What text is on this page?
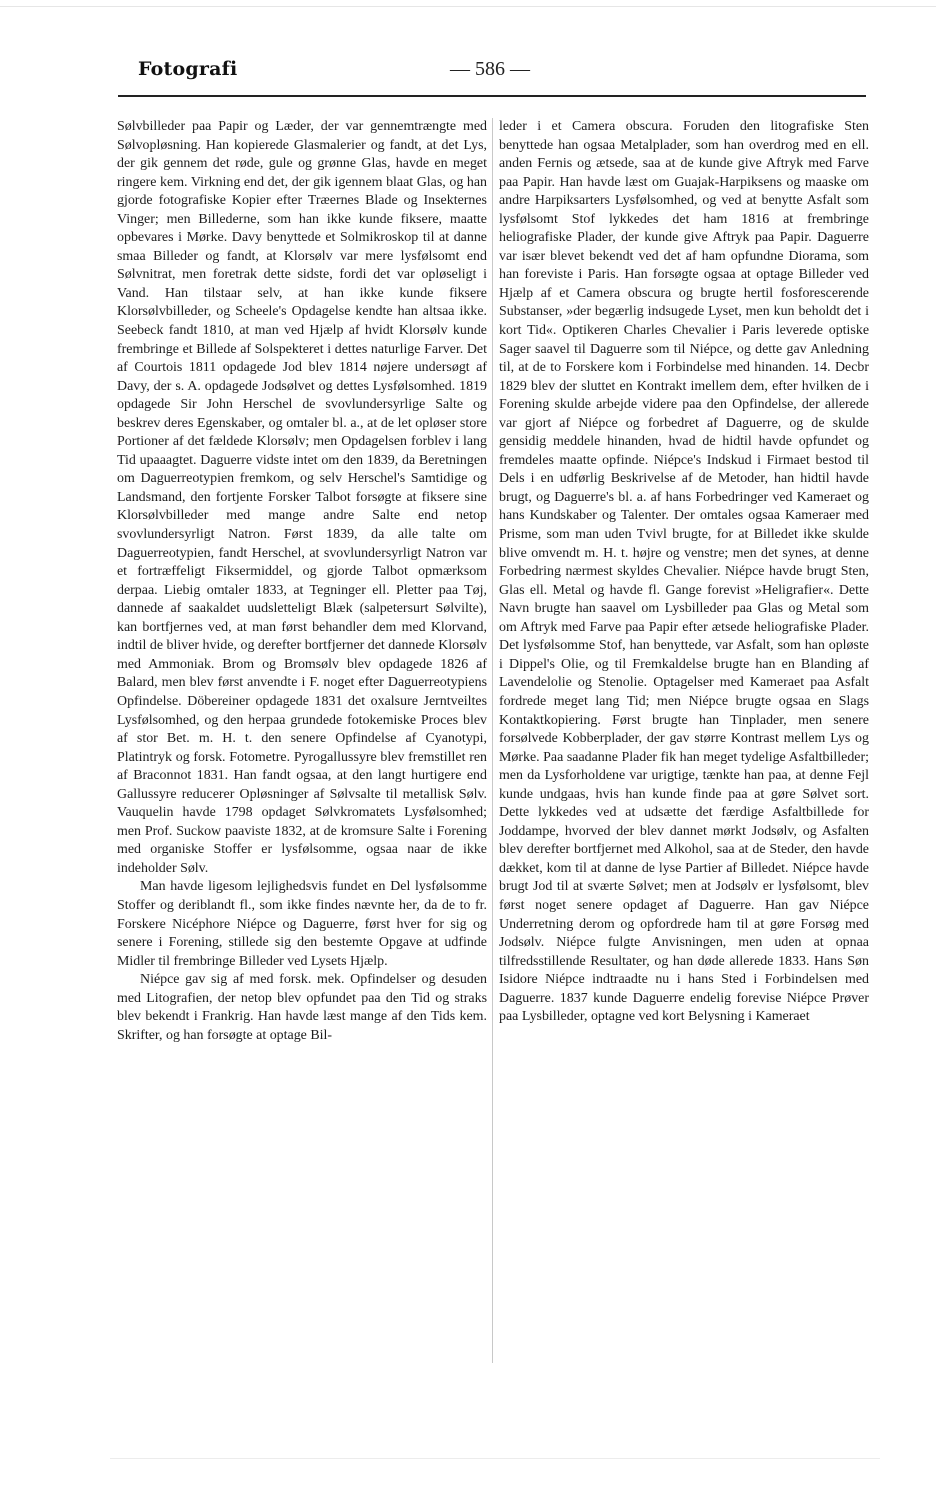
Fotografi	— 586 —

Sølvbilleder paa Papir og Læder, der var gennemtrængte med Sølvopløsning. Han kopierede Glasmalerier og fandt, at det Lys, der gik gennem det røde, gule og grønne Glas, havde en meget ringere kem. Virkning end det, der gik igennem blaat Glas, og han gjorde fotografiske Kopier efter Træernes Blade og Insekternes Vinger; men Billederne, som han ikke kunde fiksere, maatte opbevares i Mørke. Davy benyttede et Solmikroskop til at danne smaa Billeder og fandt, at Klorsølv var mere lysfølsomt end Sølvnitrat, men foretrak dette sidste, fordi det var opløseligt i Vand. Han tilstaar selv, at han ikke kunde fiksere Klorsølvbilleder, og Scheele's Opdagelse kendte han altsaa ikke. Seebeck fandt 1810, at man ved Hjælp af hvidt Klorsølv kunde frembringe et Billede af Solspekteret i dettes naturlige Farver. Det af Courtois 1811 opdagede Jod blev 1814 nøjere undersøgt af Davy, der s. A. opdagede Jodsølvet og dettes Lysfølsomhed. 1819 opdagede Sir John Herschel de svovlundersyrlige Salte og beskrev deres Egenskaber, og omtaler bl. a., at de let opløser store Portioner af det fældede Klorsølv; men Opdagelsen forblev i lang Tid upaaagtet. Daguerre vidste intet om den 1839, da Beretningen om Daguerreotypien fremkom, og selv Herschel's Samtidige og Landsmand, den fortjente Forsker Talbot forsøgte at fiksere sine Klorsølvbilleder med mange andre Salte end netop svovlundersyrligt Natron. Først 1839, da alle talte om Daguerreotypien, fandt Herschel, at svovlundersyrligt Natron var et fortræffeligt Fiksermiddel, og gjorde Talbot opmærksom derpaa. Liebig omtaler 1833, at Tegninger ell. Pletter paa Tøj, dannede af saakaldet uudsletteligt Blæk (salpetersurt Sølvilte), kan bortfjernes ved, at man først behandler dem med Klorvand, indtil de bliver hvide, og derefter bortfjerner det dannede Klorsølv med Ammoniak. Brom og Bromsølv blev opdagede 1826 af Balard, men blev først anvendte i F. noget efter Daguerreotypiens Opfindelse. Döbereiner opdagede 1831 det oxalsure Jerntveiltes Lysfølsomhed, og den herpaa grundede fotokemiske Proces blev af stor Bet. m. H. t. den senere Opfindelse af Cyanotypi, Platintryk og forsk. Fotometre. Pyrogallussyre blev fremstillet ren af Braconnot 1831. Han fandt ogsaa, at den langt hurtigere end Gallussyre reducerer Opløsninger af Sølvsalte til metallisk Sølv. Vauquelin havde 1798 opdaget Sølvkromatets Lysfølsomhed; men Prof. Suckow paaviste 1832, at de kromsure Salte i Forening med organiske Stoffer er lysfølsomme, ogsaa naar de ikke indeholder Sølv.

Man havde ligesom lejlighedsvis fundet en Del lysfølsomme Stoffer og deriblandt fl., som ikke findes nævnte her, da de to fr. Forskere Nicéphore Niépce og Daguerre, først hver for sig og senere i Forening, stillede sig den bestemte Opgave at udfinde Midler til frembringe Billeder ved Lysets Hjælp.

Niépce gav sig af med forsk. mek. Opfindelser og desuden med Litografien, der netop blev opfundet paa den Tid og straks blev bekendt i Frankrig. Han havde læst mange af den Tids kem. Skrifter, og han forsøgte at optage Bil-

leder i et Camera obscura. Foruden den litografiske Sten benyttede han ogsaa Metalplader, som han overdrog med en ell. anden Fernis og ætsede, saa at de kunde give Aftryk med Farve paa Papir. Han havde læst om Guajak-Harpiksens og maaske om andre Harpiksarters Lysfølsomhed, og ved at benytte Asfalt som lysfølsomt Stof lykkedes det ham 1816 at frembringe heliografiske Plader, der kunde give Aftryk paa Papir. Daguerre var især blevet bekendt ved det af ham opfundne Diorama, som han foreviste i Paris. Han forsøgte ogsaa at optage Billeder ved Hjælp af et Camera obscura og brugte hertil fosforescerende Substanser, »der begærlig indsugede Lyset, men kun beholdt det i kort Tid«. Optikeren Charles Chevalier i Paris leverede optiske Sager saavel til Daguerre som til Niépce, og dette gav Anledning til, at de to Forskere kom i Forbindelse med hinanden. 14. Decbr 1829 blev der sluttet en Kontrakt imellem dem, efter hvilken de i Forening skulde arbejde videre paa den Opfindelse, der allerede var gjort af Niépce og forbedret af Daguerre, og de skulde gensidig meddele hinanden, hvad de hidtil havde opfundet og fremdeles maatte opfinde. Niépce's Indskud i Firmaet bestod til Dels i en udførlig Beskrivelse af de Metoder, han hidtil havde brugt, og Daguerre's bl. a. af hans Forbedringer ved Kameraet og hans Kundskaber og Talenter. Der omtales ogsaa Kameraer med Prisme, som man uden Tvivl brugte, for at Billedet ikke skulde blive omvendt m. H. t. højre og venstre; men det synes, at denne Forbedring nærmest skyldes Chevalier. Niépce havde brugt Sten, Glas ell. Metal og havde fl. Gange forevist »Heligrafier«. Dette Navn brugte han saavel om Lysbilleder paa Glas og Metal som om Aftryk med Farve paa Papir efter ætsede heliografiske Plader. Det lysfølsomme Stof, han benyttede, var Asfalt, som han opløste i Dippel's Olie, og til Fremkaldelse brugte han en Blanding af Lavendelolie og Stenolie. Optagelser med Kameraet paa Asfalt fordrede meget lang Tid; men Niépce brugte ogsaa en Slags Kontaktkopiering. Først brugte han Tinplader, men senere forsølvede Kobberplader, der gav større Kontrast mellem Lys og Mørke. Paa saadanne Plader fik han meget tydelige Asfaltbilleder; men da Lysforholdene var urigtige, tænkte han paa, at denne Fejl kunde undgaas, hvis han kunde finde paa at gøre Sølvet sort. Dette lykkedes ved at udsætte det færdige Asfaltbillede for Joddampe, hvorved der blev dannet mørkt Jodsølv, og Asfalten blev derefter bortfjernet med Alkohol, saa at de Steder, den havde dækket, kom til at danne de lyse Partier af Billedet. Niépce havde brugt Jod til at sværte Sølvet; men at Jodsølv er lysfølsomt, blev først noget senere opdaget af Daguerre. Han gav Niépce Underretning derom og opfordrede ham til at gøre Forsøg med Jodsølv. Niépce fulgte Anvisningen, men uden at opnaa tilfredsstillende Resultater, og han døde allerede 1833. Hans Søn Isidore Niépce indtraadte nu i hans Sted i Forbindelsen med Daguerre. 1837 kunde Daguerre endelig forevise Niépce Prøver paa Lysbilleder, optagne ved kort Belysning i Kameraet
